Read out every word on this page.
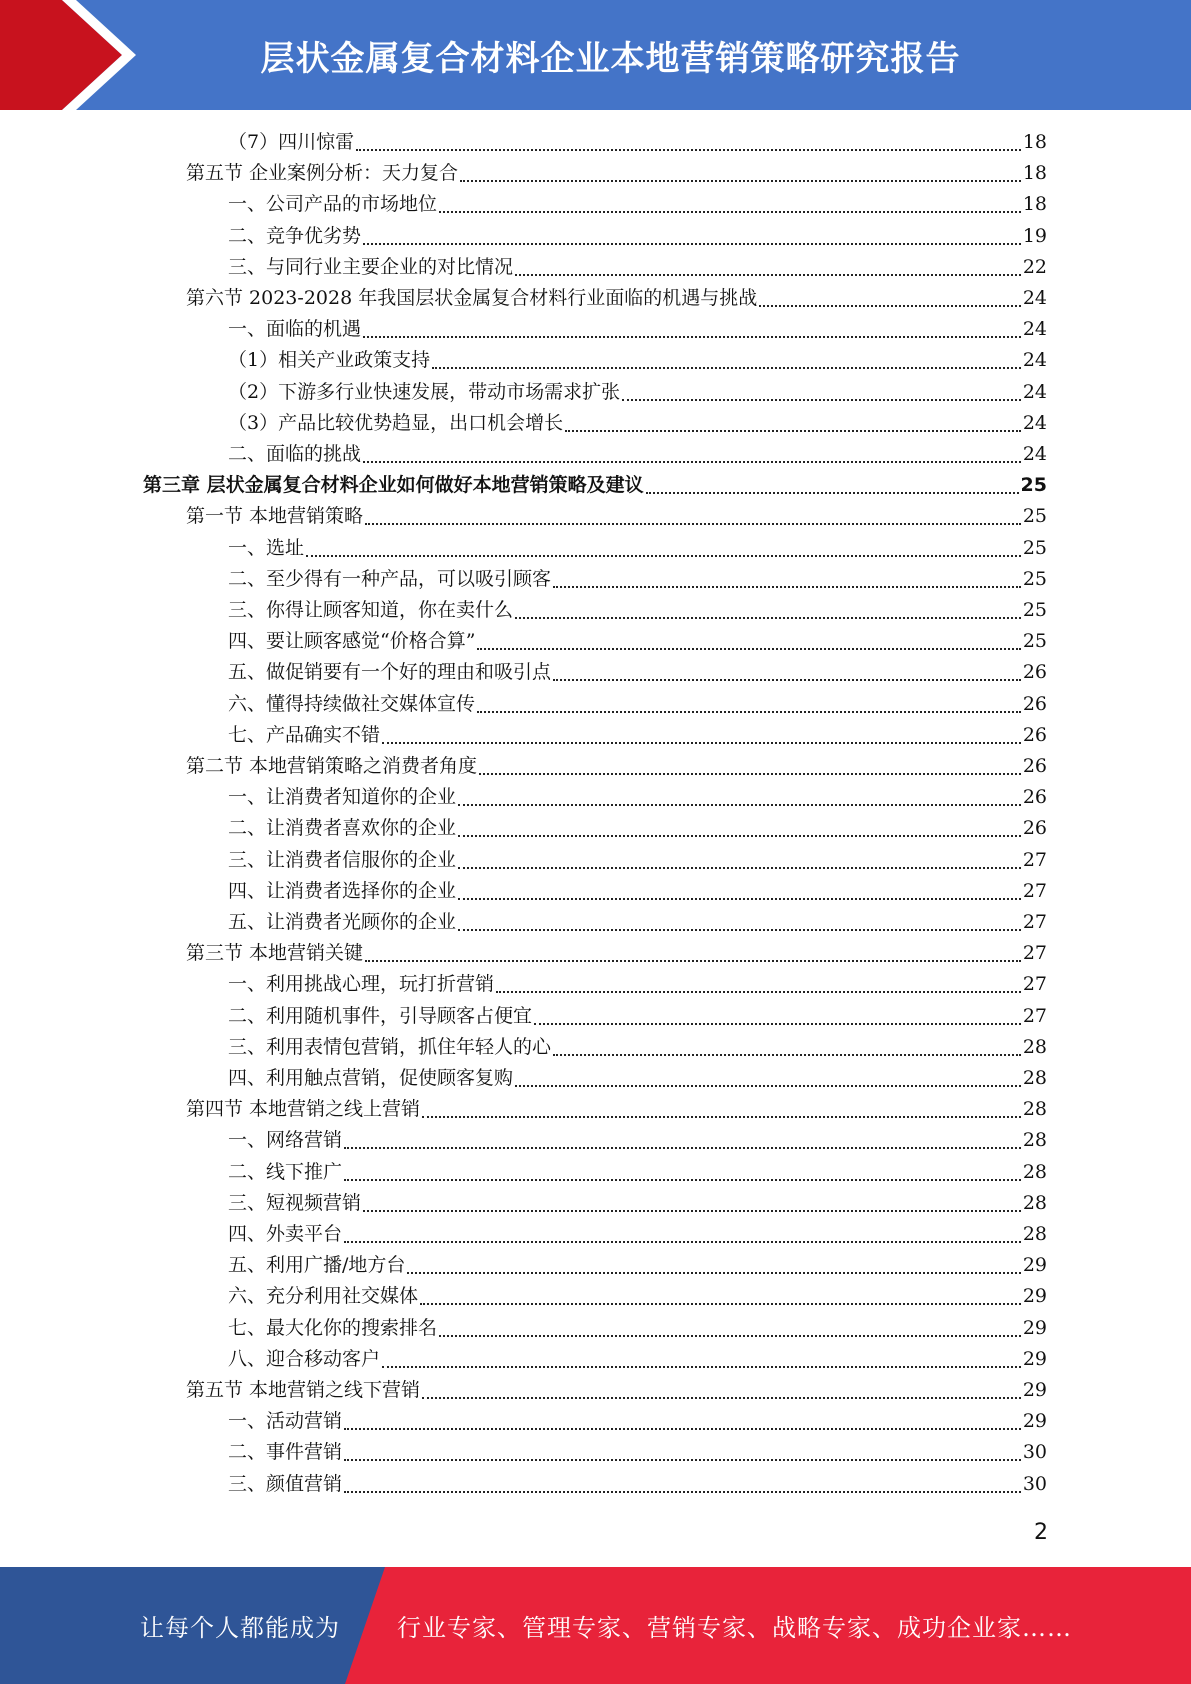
层状金属复合材料企业本地营销策略研究报告
（7）四川惊雷	18
第五节 企业案例分析：天力复合	18
一、公司产品的市场地位	18
二、竞争优劣势	19
三、与同行业主要企业的对比情况	22
第六节 2023-2028 年我国层状金属复合材料行业面临的机遇与挑战	24
一、面临的机遇	24
（1）相关产业政策支持	24
（2）下游多行业快速发展，带动市场需求扩张	24
（3）产品比较优势趋显，出口机会增长	24
二、面临的挑战	24
第三章 层状金属复合材料企业如何做好本地营销策略及建议	25
第一节 本地营销策略	25
一、选址	25
二、至少得有一种产品，可以吸引顾客	25
三、你得让顾客知道，你在卖什么	25
四、要让顾客感觉“价格合算”	25
五、做促销要有一个好的理由和吸引点	26
六、懂得持续做社交媒体宣传	26
七、产品确实不错	26
第二节 本地营销策略之消费者角度	26
一、让消费者知道你的企业	26
二、让消费者喜欢你的企业	26
三、让消费者信服你的企业	27
四、让消费者选择你的企业	27
五、让消费者光顾你的企业	27
第三节 本地营销关键	27
一、利用挑战心理，玩打折营销	27
二、利用随机事件，引导顾客占便宜	27
三、利用表情包营销，抓住年轻人的心	28
四、利用触点营销，促使顾客复购	28
第四节 本地营销之线上营销	28
一、网络营销	28
二、线下推广	28
三、短视频营销	28
四、外卖平台	28
五、利用广播/地方台	29
六、充分利用社交媒体	29
七、最大化你的搜索排名	29
八、迎合移动客户	29
第五节 本地营销之线下营销	29
一、活动营销	29
二、事件营销	30
三、颜值营销	30
2
让每个人都能成为 行业专家、管理专家、营销专家、战略专家、成功企业家……
